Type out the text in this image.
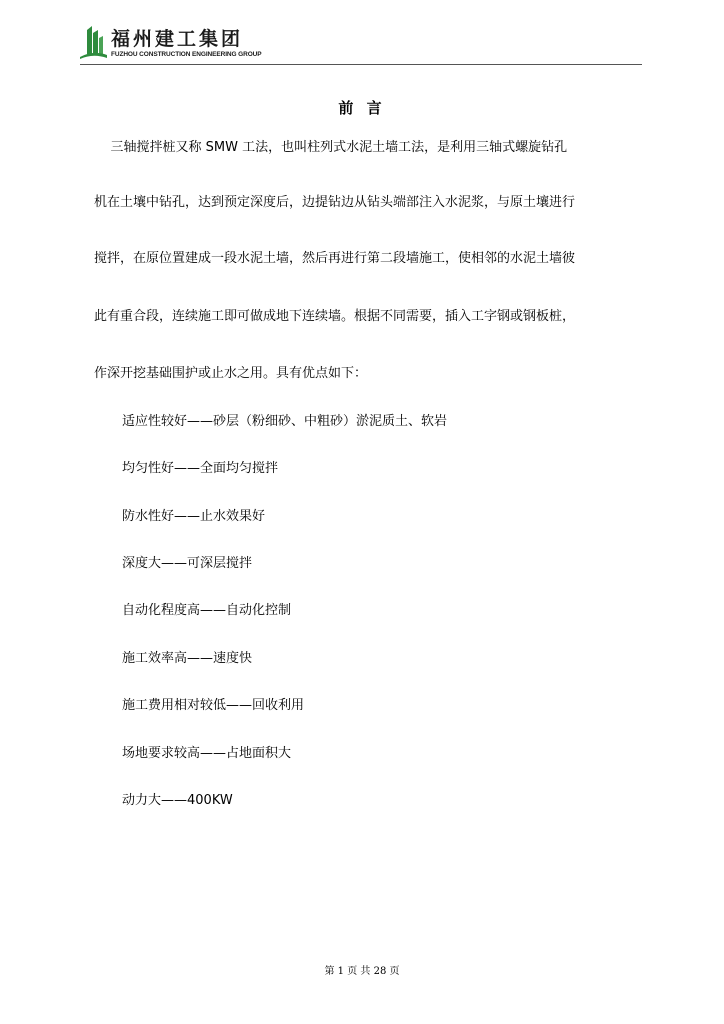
福州建工集团
FUZHOU CONSTRUCTION ENGINEERING GROUP
前 言
三轴搅拌桩又称 SMW 工法，也叫柱列式水泥土墙工法，是利用三轴式螺旋钻孔
机在土壤中钻孔，达到预定深度后，边提钻边从钻头端部注入水泥浆，与原土壤进行
搅拌，在原位置建成一段水泥土墙，然后再进行第二段墙施工，使相邻的水泥土墙彼
此有重合段，连续施工即可做成地下连续墙。根据不同需要，插入工字钢或钢板桩，
作深开挖基础围护或止水之用。具有优点如下：
适应性较好——砂层（粉细砂、中粗砂）淤泥质土、软岩
均匀性好——全面均匀搅拌
防水性好——止水效果好
深度大——可深层搅拌
自动化程度高——自动化控制
施工效率高——速度快
施工费用相对较低——回收利用
场地要求较高——占地面积大
动力大——400KW
第 1 页 共 28 页
